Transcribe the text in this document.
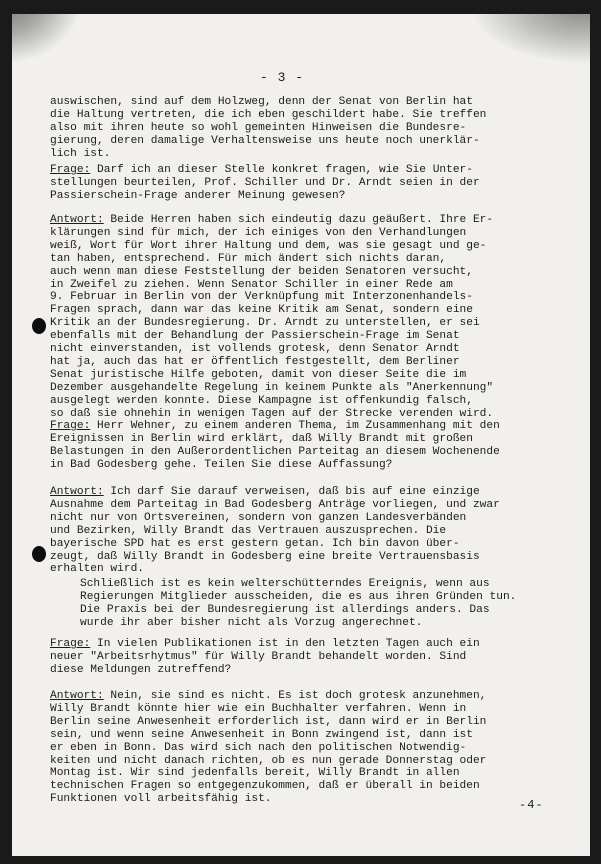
- 3 -
auswischen, sind auf dem Holzweg, denn der Senat von Berlin hat
die Haltung vertreten, die ich eben geschildert habe. Sie treffen
also mit ihren heute so wohl gemeinten Hinweisen die Bundesre-
gierung, deren damalige Verhaltensweise uns heute noch unerklär-
lich ist.
Frage: Darf ich an dieser Stelle konkret fragen, wie Sie Unter-
stellungen beurteilen, Prof. Schiller und Dr. Arndt seien in der
Passierschein-Frage anderer Meinung gewesen?
Antwort: Beide Herren haben sich eindeutig dazu geäußert. Ihre Er-
klärungen sind für mich, der ich einiges von den Verhandlungen
weiß, Wort für Wort ihrer Haltung und dem, was sie gesagt und ge-
tan haben, entsprechend. Für mich ändert sich nichts daran,
auch wenn man diese Feststellung der beiden Senatoren versucht,
in Zweifel zu ziehen. Wenn Senator Schiller in einer Rede am
9. Februar in Berlin von der Verknüpfung mit Interzonenhandels-
Fragen sprach, dann war das keine Kritik am Senat, sondern eine
Kritik an der Bundesregierung. Dr. Arndt zu unterstellen, er sei
ebenfalls mit der Behandlung der Passierschein-Frage im Senat
nicht einverstanden, ist vollends grotesk, denn Senator Arndt
hat ja, auch das hat er öffentlich festgestellt, dem Berliner
Senat juristische Hilfe geboten, damit von dieser Seite die im
Dezember ausgehandelte Regelung in keinem Punkte als "Anerkennung"
ausgelegt werden konnte. Diese Kampagne ist offenkundig falsch,
so daß sie ohnehin in wenigen Tagen auf der Strecke verenden wird.
Frage: Herr Wehner, zu einem anderen Thema, im Zusammenhang mit den
Ereignissen in Berlin wird erklärt, daß Willy Brandt mit großen
Belastungen in den Außerordentlichen Parteitag an diesem Wochenende
in Bad Godesberg gehe. Teilen Sie diese Auffassung?
Antwort: Ich darf Sie darauf verweisen, daß bis auf eine einzige
Ausnahme dem Parteitag in Bad Godesberg Anträge vorliegen, und zwar
nicht nur von Ortsvereinen, sondern von ganzen Landesverbänden
und Bezirken, Willy Brandt das Vertrauen auszusprechen. Die
bayerische SPD hat es erst gestern getan. Ich bin davon über-
zeugt, daß Willy Brandt in Godesberg eine breite Vertrauensbasis
erhalten wird.
Schließlich ist es kein welterschütterndes Ereignis, wenn aus
Regierungen Mitglieder ausscheiden, die es aus ihren Gründen tun.
Die Praxis bei der Bundesregierung ist allerdings anders. Das
wurde ihr aber bisher nicht als Vorzug angerechnet.
Frage: In vielen Publikationen ist in den letzten Tagen auch ein
neuer "Arbeitsrhytmus" für Willy Brandt behandelt worden. Sind
diese Meldungen zutreffend?
Antwort: Nein, sie sind es nicht. Es ist doch grotesk anzunehmen,
Willy Brandt könnte hier wie ein Buchhalter verfahren. Wenn in
Berlin seine Anwesenheit erforderlich ist, dann wird er in Berlin
sein, und wenn seine Anwesenheit in Bonn zwingend ist, dann ist
er eben in Bonn. Das wird sich nach den politischen Notwendig-
keiten und nicht danach richten, ob es nun gerade Donnerstag oder
Montag ist. Wir sind jedenfalls bereit, Willy Brandt in allen
technischen Fragen so entgegenzukommen, daß er überall in beiden
Funktionen voll arbeitsfähig ist.	-4-
